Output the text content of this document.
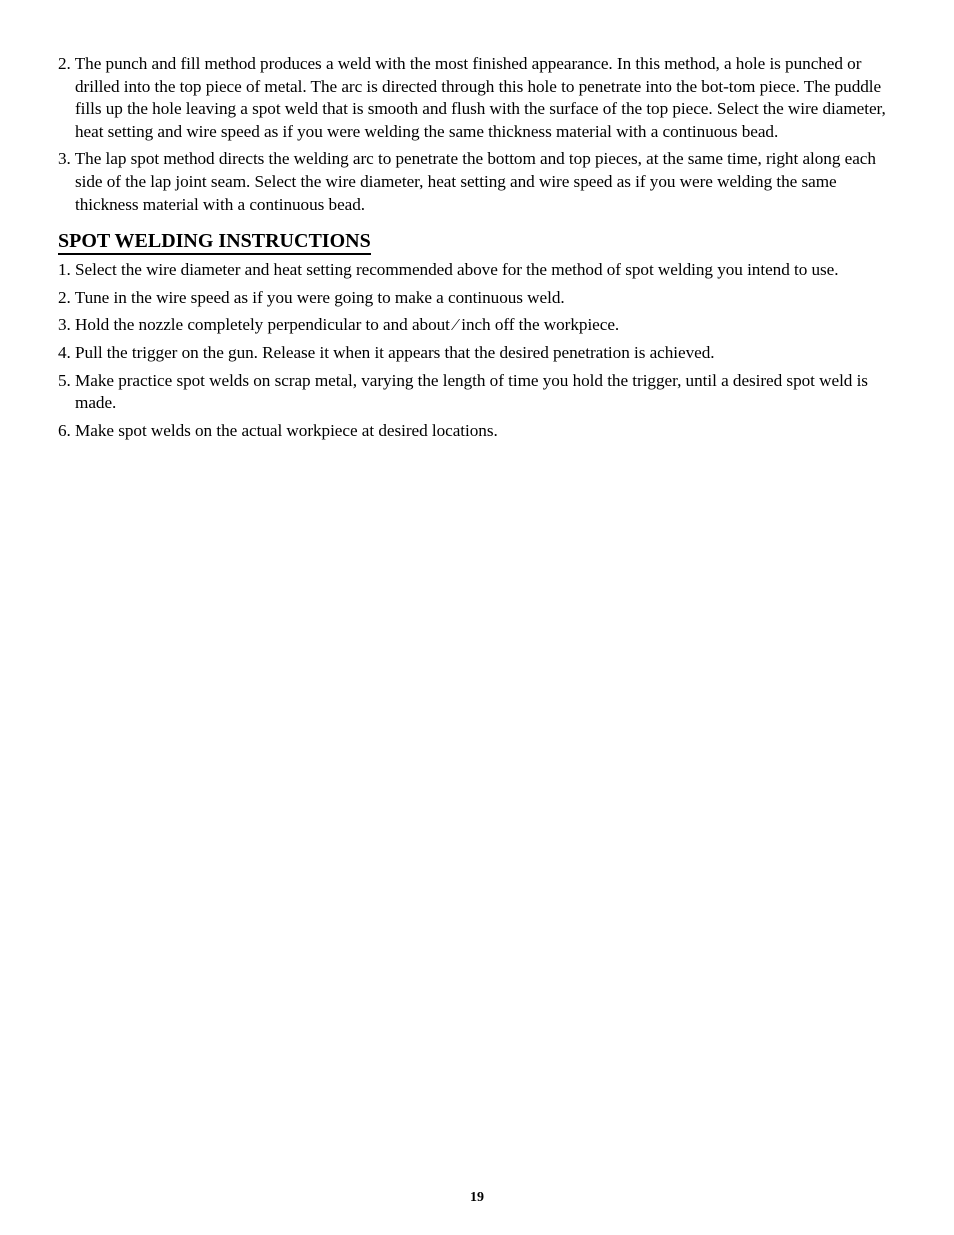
2. The punch and fill method produces a weld with the most finished appearance. In this method, a hole is punched or drilled into the top piece of metal. The arc is directed through this hole to penetrate into the bot-tom piece. The puddle fills up the hole leaving a spot weld that is smooth and flush with the surface of the top piece. Select the wire diameter, heat setting and wire speed as if you were welding the same thickness material with a continuous bead.

3. The lap spot method directs the welding arc to penetrate the bottom and top pieces, at the same time, right along each side of the lap joint seam. Select the wire diameter, heat setting and wire speed as if you were welding the same thickness material with a continuous bead.

SPOT WELDING INSTRUCTIONS

1. Select the wire diameter and heat setting recommended above for the method of spot welding you intend to use.

2. Tune in the wire speed as if you were going to make a continuous weld.

3. Hold the nozzle completely perpendicular to and about ⁄ inch off the workpiece.

4. Pull the trigger on the gun. Release it when it appears that the desired penetration is achieved.

5. Make practice spot welds on scrap metal, varying the length of time you hold the trigger, until a desired spot weld is made.

6. Make spot welds on the actual workpiece at desired locations.

19
